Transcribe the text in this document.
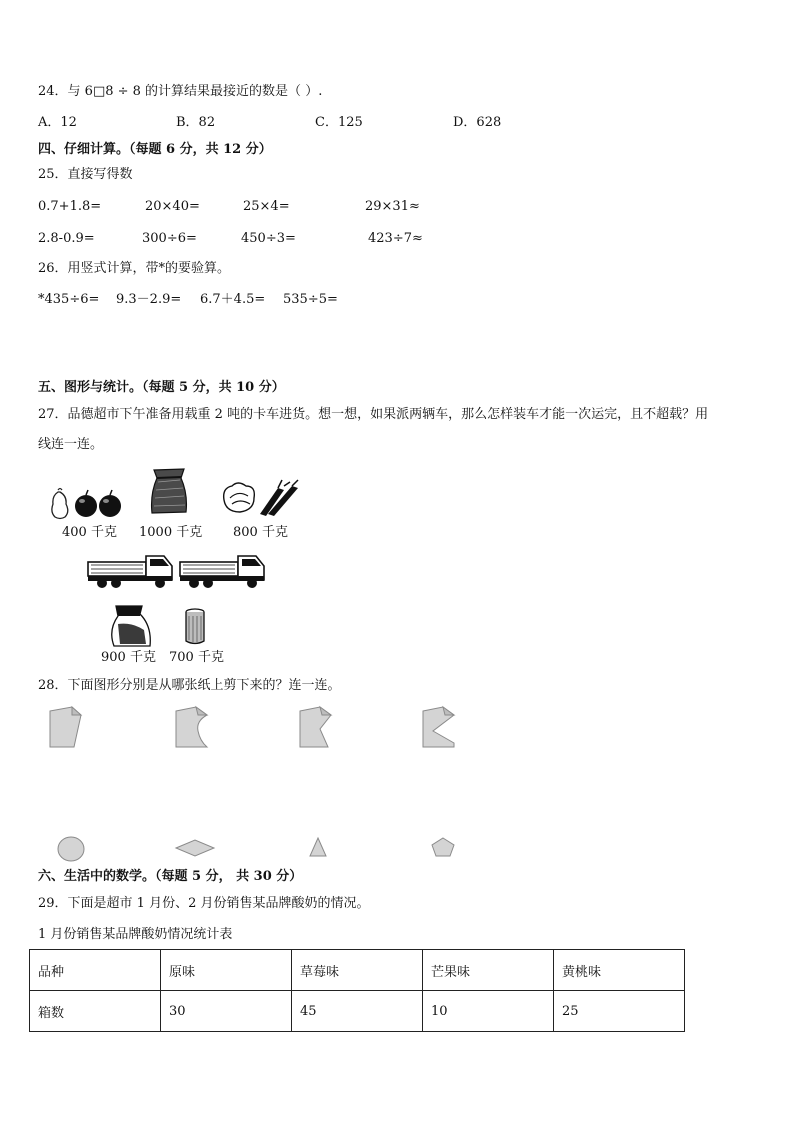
24．与 6□8 ÷ 8 的计算结果最接近的数是（ ）.
A．12	B．82	C．125	D．628
四、仔细计算。（每题 6 分，共 12 分）
25．直接写得数
0.7+1.8=	20×40=	25×4=	29×31≈
2.8-0.9=	300÷6=	450÷3=	423÷7≈
26．用竖式计算，带*的要验算。
*435÷6= 9.3－2.9= 6.7＋4.5= 535÷5=
五、图形与统计。（每题 5 分，共 10 分）
27．品德超市下午准备用载重 2 吨的卡车进货。想一想，如果派两辆车，那么怎样装车才能一次运完，且不超载？用
线连一连。
400 千克 1000 千克 800 千克
900 千克 700 千克
28．下面图形分别是从哪张纸上剪下来的？连一连。
六、生活中的数学。（每题 5 分， 共 30 分）
29．下面是超市 1 月份、2 月份销售某品牌酸奶的情况。
1 月份销售某品牌酸奶情况统计表
品种	原味	草莓味	芒果味	黄桃味
箱数	30	45	10	25
